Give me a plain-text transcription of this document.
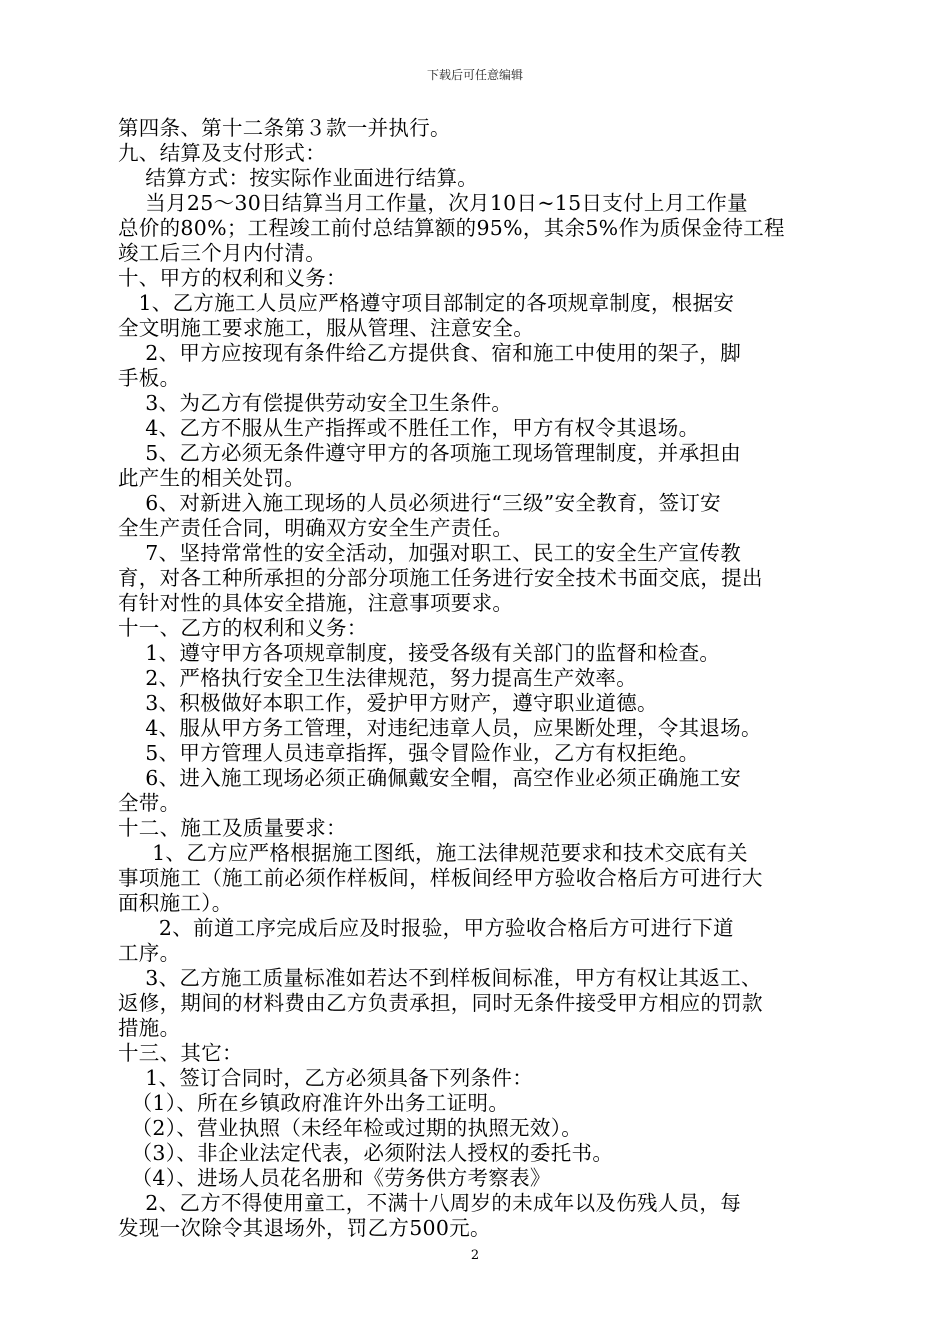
下载后可任意编辑
第四条、第十二条第３款一并执行。
九、结算及支付形式：
结算方式：按实际作业面进行结算。
当月25～30日结算当月工作量，次月10日~15日支付上月工作量
总价的80%；工程竣工前付总结算额的95%，其余5%作为质保金待工程
竣工后三个月内付清。
十、甲方的权利和义务：
1、乙方施工人员应严格遵守项目部制定的各项规章制度，根据安
全文明施工要求施工，服从管理、注意安全。
2、甲方应按现有条件给乙方提供食、宿和施工中使用的架子，脚
手板。
3、为乙方有偿提供劳动安全卫生条件。
4、乙方不服从生产指挥或不胜任工作，甲方有权令其退场。
5、乙方必须无条件遵守甲方的各项施工现场管理制度，并承担由
此产生的相关处罚。
6、对新进入施工现场的人员必须进行“三级”安全教育，签订安
全生产责任合同，明确双方安全生产责任。
7、坚持常常性的安全活动，加强对职工、民工的安全生产宣传教
育，对各工种所承担的分部分项施工任务进行安全技术书面交底，提出
有针对性的具体安全措施，注意事项要求。
十一、乙方的权利和义务：
1、遵守甲方各项规章制度，接受各级有关部门的监督和检查。
2、严格执行安全卫生法律规范，努力提高生产效率。
3、积极做好本职工作，爱护甲方财产，遵守职业道德。
4、服从甲方务工管理，对违纪违章人员，应果断处理，令其退场。
5、甲方管理人员违章指挥，强令冒险作业，乙方有权拒绝。
6、进入施工现场必须正确佩戴安全帽，高空作业必须正确施工安
全带。
十二、施工及质量要求：
1、乙方应严格根据施工图纸，施工法律规范要求和技术交底有关
事项施工（施工前必须作样板间，样板间经甲方验收合格后方可进行大
面积施工）。
2、前道工序完成后应及时报验，甲方验收合格后方可进行下道
工序。
3、乙方施工质量标准如若达不到样板间标准，甲方有权让其返工、
返修，期间的材料费由乙方负责承担，同时无条件接受甲方相应的罚款
措施。
十三、其它：
1、签订合同时，乙方必须具备下列条件：
（1）、所在乡镇政府准许外出务工证明。
（2）、营业执照（未经年检或过期的执照无效）。
（3）、非企业法定代表，必须附法人授权的委托书。
（4）、进场人员花名册和《劳务供方考察表》
2、乙方不得使用童工，不满十八周岁的未成年以及伤残人员，每
发现一次除令其退场外，罚乙方500元。
2
